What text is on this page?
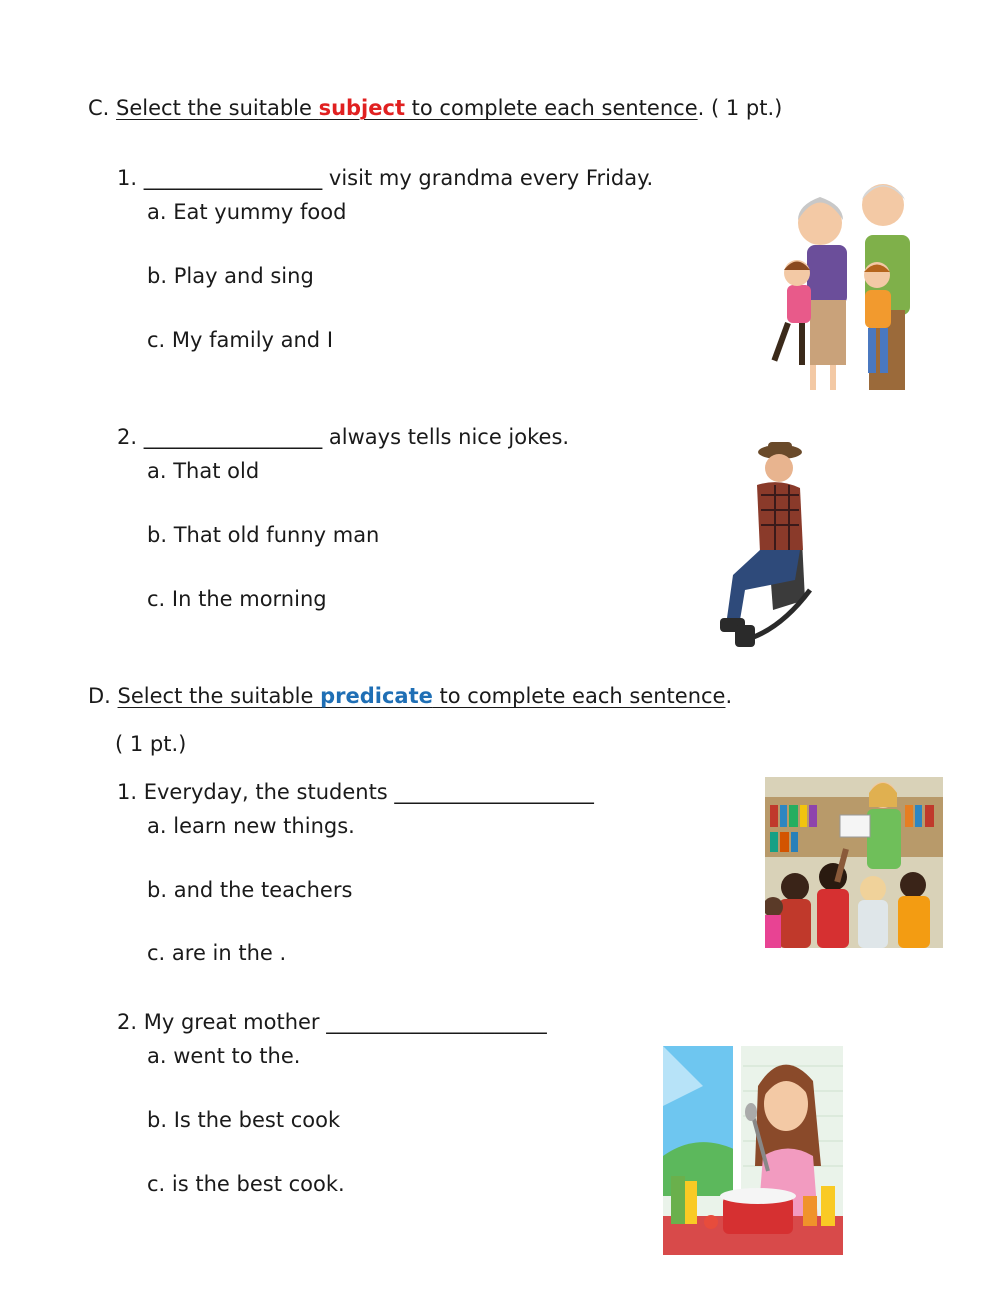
C. Select the suitable subject to complete each sentence. ( 1 pt.)
1. _________________ visit my grandma every Friday.
a. Eat yummy food
b. Play and sing
c. My family and I
2. _________________ always tells nice jokes.
a. That old
b. That old funny man
c. In the morning
D. Select the suitable predicate to complete each sentence.
( 1 pt.)
1. Everyday, the students ___________________
a. learn new things.
b. and the teachers
c. are in the .
2. My great mother _____________________
a. went to the.
b. Is the best cook
c. is the best cook.
